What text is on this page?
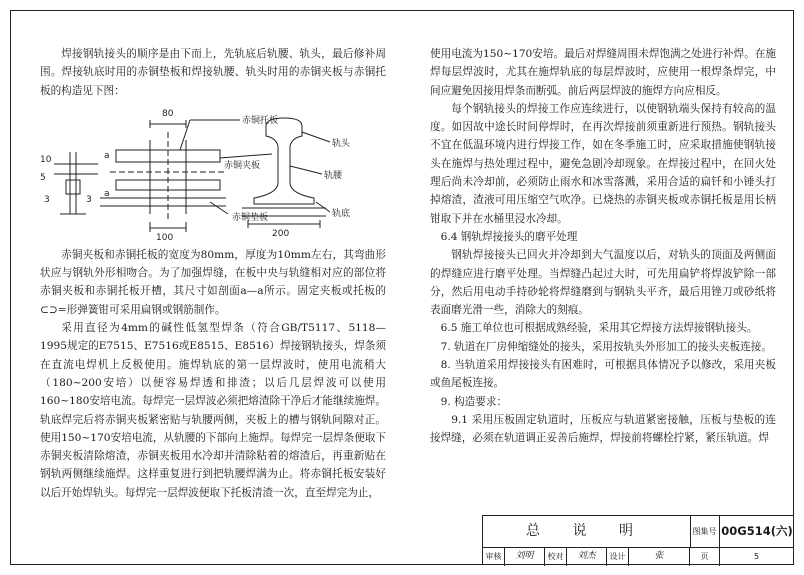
焊接钢轨接头的顺序是由下而上，先轨底后轨腰、轨头，最后修补周围。焊接轨底时用的赤铜垫板和焊接轨腰、轨头时用的赤铜夹板与赤铜托板的构造见下图：

80
100	200
10
5
3	3
a
a
赤铜托板
轨头
赤铜夹板
轨腰
赤铜垫板	轨底

赤铜夹板和赤铜托板的宽度为80mm，厚度为10mm左右，其弯曲形状应与钢轨外形相吻合。为了加强焊缝，在板中央与轨缝相对应的部位将赤铜夹板和赤铜托板开槽，其尺寸如剖面a—a所示。固定夹板或托板的⊂⊃=形弹簧钳可采用扁钢或钢筋制作。

采用直径为4mm的碱性低氢型焊条（符合GB/T5117、5118—1995规定的E7515、E7516或E8515、E8516）焊接钢轨接头，焊条须在直流电焊机上反极使用。施焊轨底的第一层焊波时，使用电流稍大（180~200安培）以便容易焊透和排渣；以后几层焊波可以使用160~180安培电流。每焊完一层焊波必须把熔渣除干净后才能继续施焊。轨底焊完后将赤铜夹板紧密贴与轨腰两侧，夹板上的槽与钢轨间隙对正。使用150~170安培电流，从轨腰的下部向上施焊。每焊完一层焊条便取下赤铜夹板清除熔渣，赤铜夹板用水冷却并清除粘着的熔渣后，再重新贴在钢轨两侧继续施焊。这样重复进行到把轨腰焊满为止。将赤铜托板安装好以后开始焊轨头。每焊完一层焊波便取下托板清渣一次，直至焊完为止，

使用电流为150~170安培。最后对焊缝周围未焊饱满之处进行补焊。在施焊每层焊波时，尤其在施焊轨底的每层焊波时，应使用一根焊条焊完，中间应避免因接用焊条而断弧。前后两层焊波的施焊方向应相反。

每个钢轨接头的焊接工作应连续进行，以使钢轨端头保持有较高的温度。如因故中途长时间停焊时，在再次焊接前须重新进行预热。钢轨接头不宜在低温环境内进行焊接工作，如在冬季施工时，应采取措施使钢轨接头在施焊与热处理过程中，避免急剧冷却现象。在焊接过程中，在回火处理后尚未冷却前，必须防止雨水和冰雪落溅，采用合适的扁钎和小锤头打掉熔渣，渣液可用压缩空气吹净。已烧热的赤铜夹板或赤铜托板是用长柄钳取下并在水桶里浸水冷却。

6.4 钢轨焊接接头的磨平处理

钢轨焊接接头已回火并冷却到大气温度以后，对轨头的顶面及两侧面的焊缝应进行磨平处理。当焊缝凸起过大时，可先用扁铲将焊波铲除一部分，然后用电动手持砂轮将焊缝磨到与钢轨头平齐，最后用锉刀或砂纸将表面磨光滑一些，消除大的刻痕。

6.5 施工单位也可根据成熟经验，采用其它焊接方法焊接钢轨接头。

7. 轨道在厂房伸缩缝处的接头，采用按轨头外形加工的接头夹板连接。

8. 当轨道采用焊接接头有困难时，可根据具体情况予以修改，采用夹板或鱼尾板连接。

9. 构造要求：

9.1 采用压板固定轨道时，压板应与轨道紧密接触，压板与垫板的连接焊缝，必须在轨道调正妥善后施焊，焊接前将螺栓拧紧，紧压轨道。焊

总 说 明	图集号 00G514(六)
审核	刘明	校对	刘杰	设计	张	页	5
